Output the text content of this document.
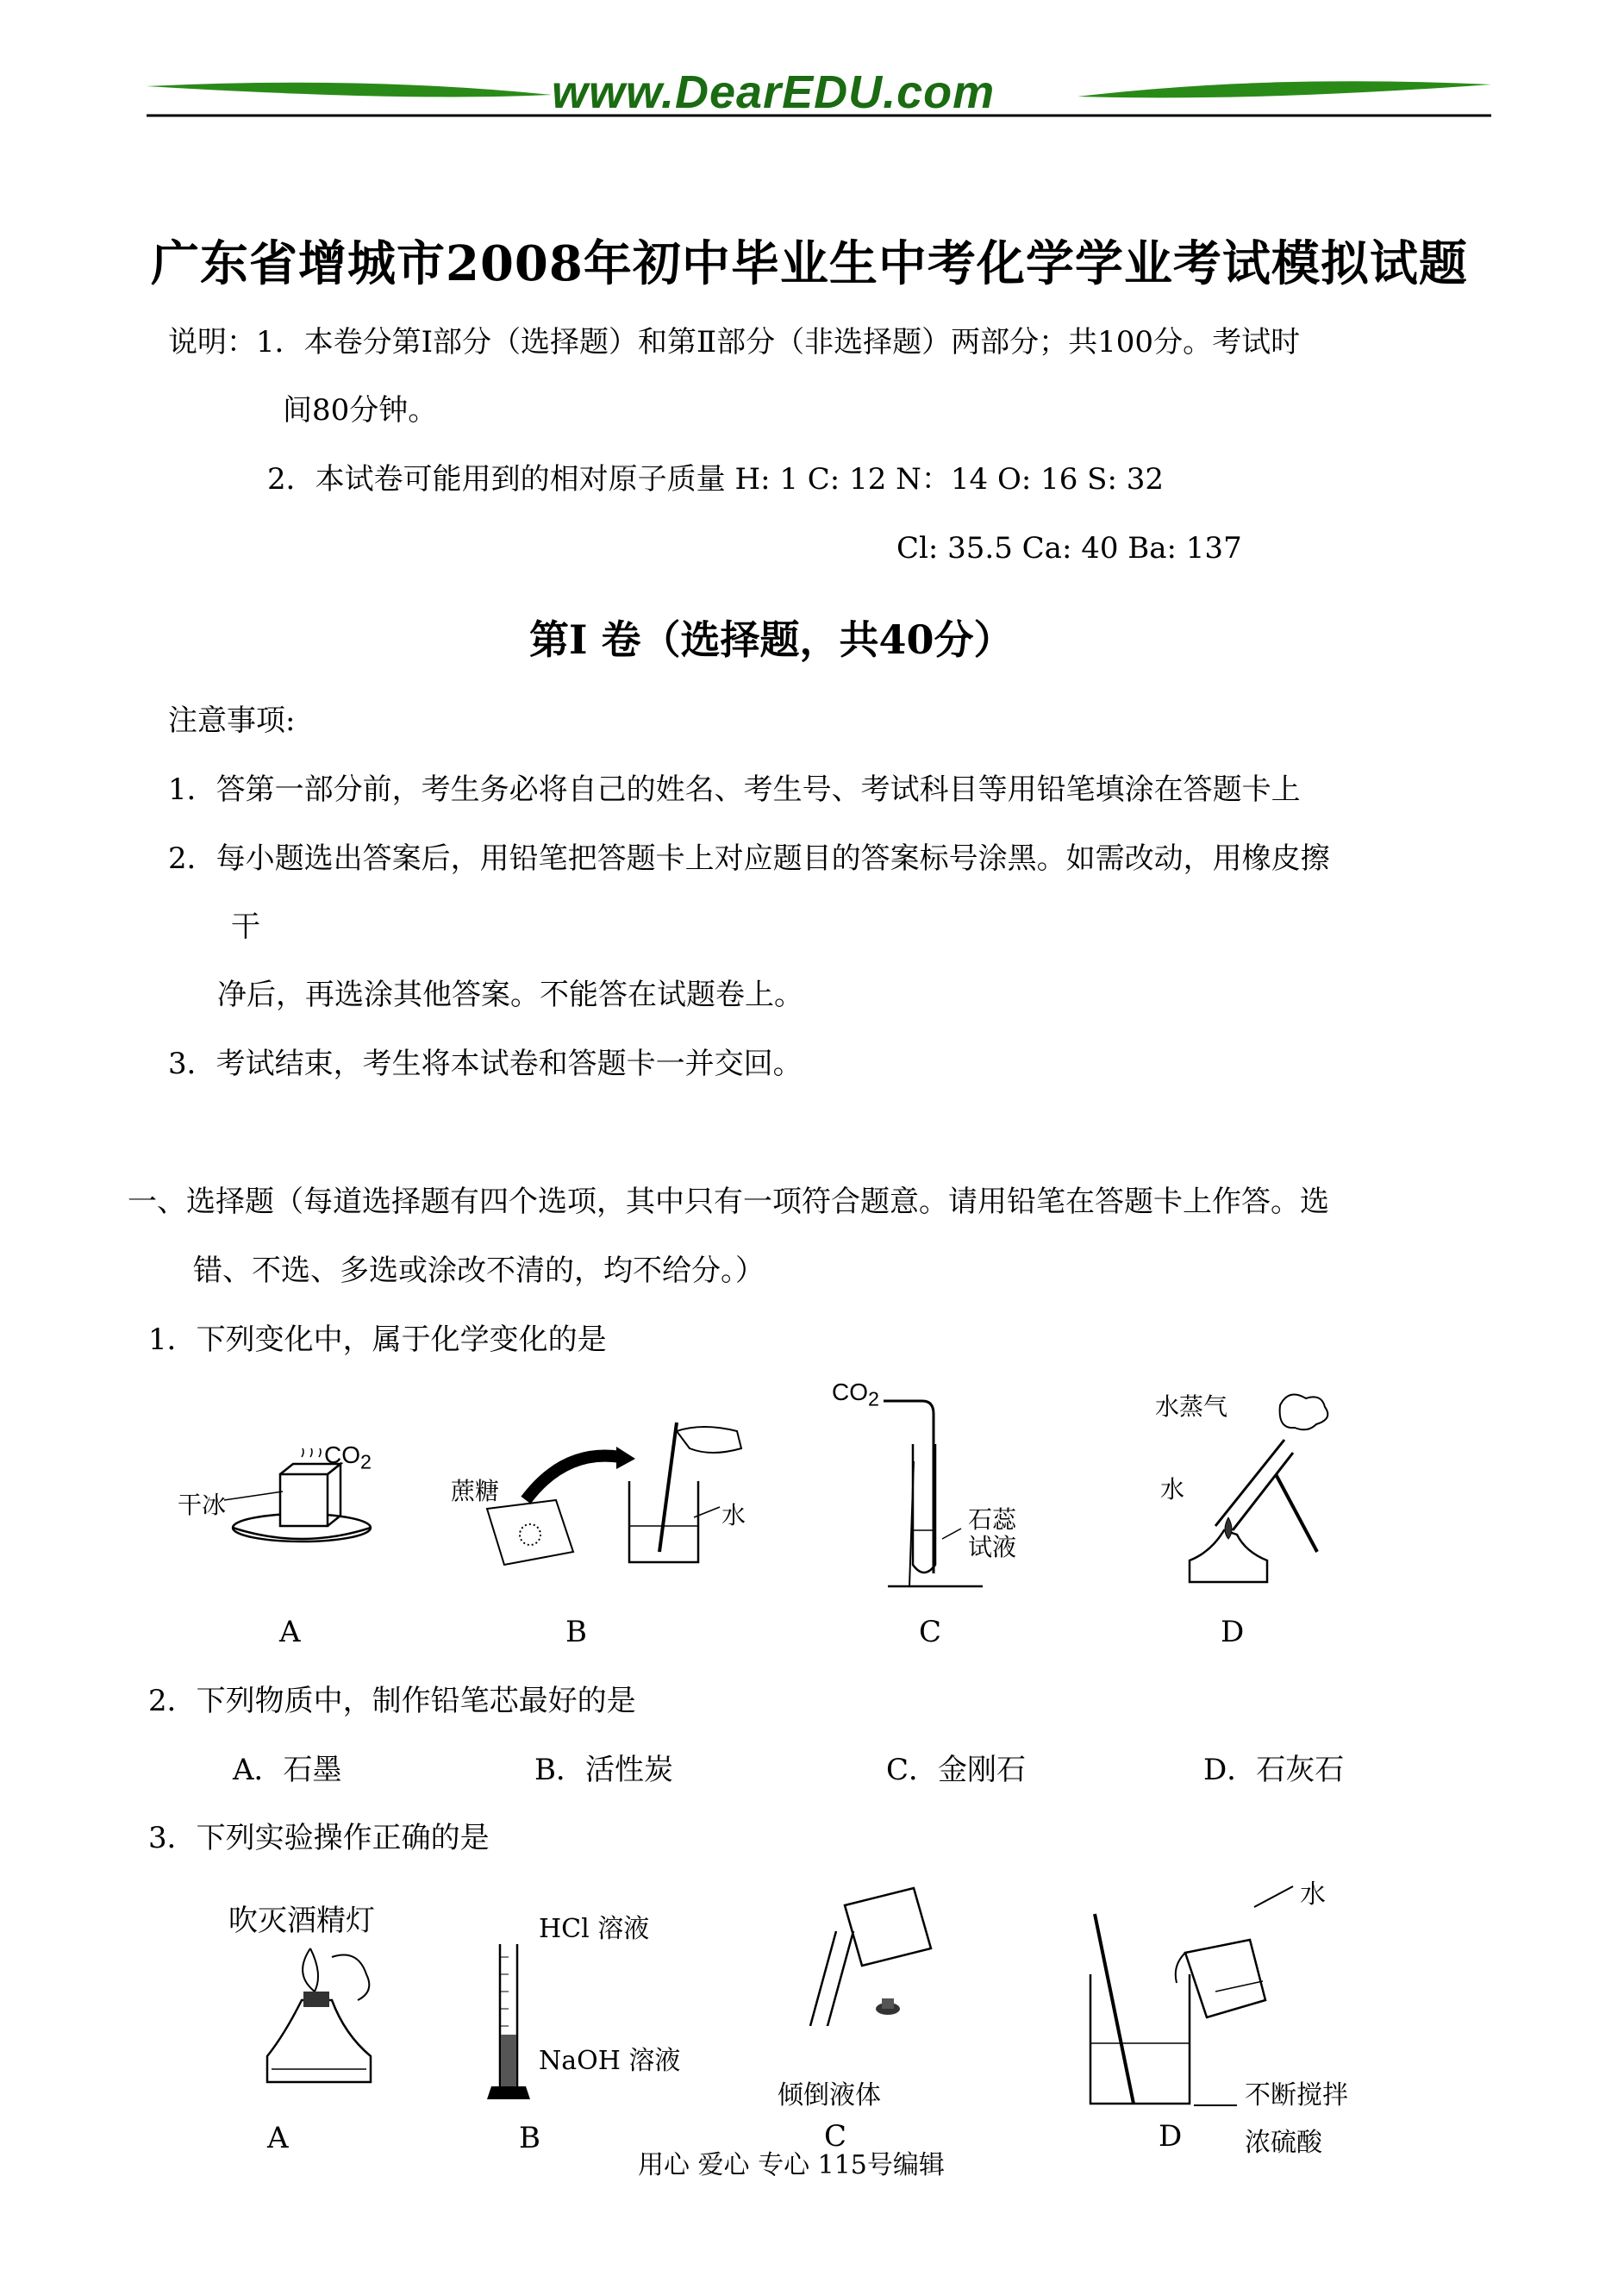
www.DearEDU.com
广东省增城市2008年初中毕业生中考化学学业考试模拟试题
说明：1．本卷分第Ⅰ部分（选择题）和第Ⅱ部分（非选择题）两部分；共100分。考试时
间80分钟。
2．本试卷可能用到的相对原子质量 H: 1 C: 12 N：14 O: 16 S: 32
Cl: 35.5 Ca: 40 Ba: 137
第Ⅰ 卷（选择题，共40分）
注意事项:
1．答第一部分前，考生务必将自己的姓名、考生号、考试科目等用铅笔填涂在答题卡上
2．每小题选出答案后，用铅笔把答题卡上对应题目的答案标号涂黑。如需改动，用橡皮擦
干
净后，再选涂其他答案。不能答在试题卷上。
3．考试结束，考生将本试卷和答题卡一并交回。
一、选择题（每道选择题有四个选项，其中只有一项符合题意。请用铅笔在答题卡上作答。选
错、不选、多选或涂改不清的，均不给分。）
1．下列变化中，属于化学变化的是
干冰
$CO_2$
A
蔗糖
水
B
$CO_2$
石蕊
试液
C
水蒸气
水
D
2．下列物质中，制作铅笔芯最好的是
A．石墨	B．活性炭	C．金刚石	D．石灰石
3．下列实验操作正确的是
吹灭酒精灯
A
HCl 溶液
NaOH 溶液
B
倾倒液体
C
水
不断搅拌
D 浓硫酸
用心 爱心 专心 115号编辑
